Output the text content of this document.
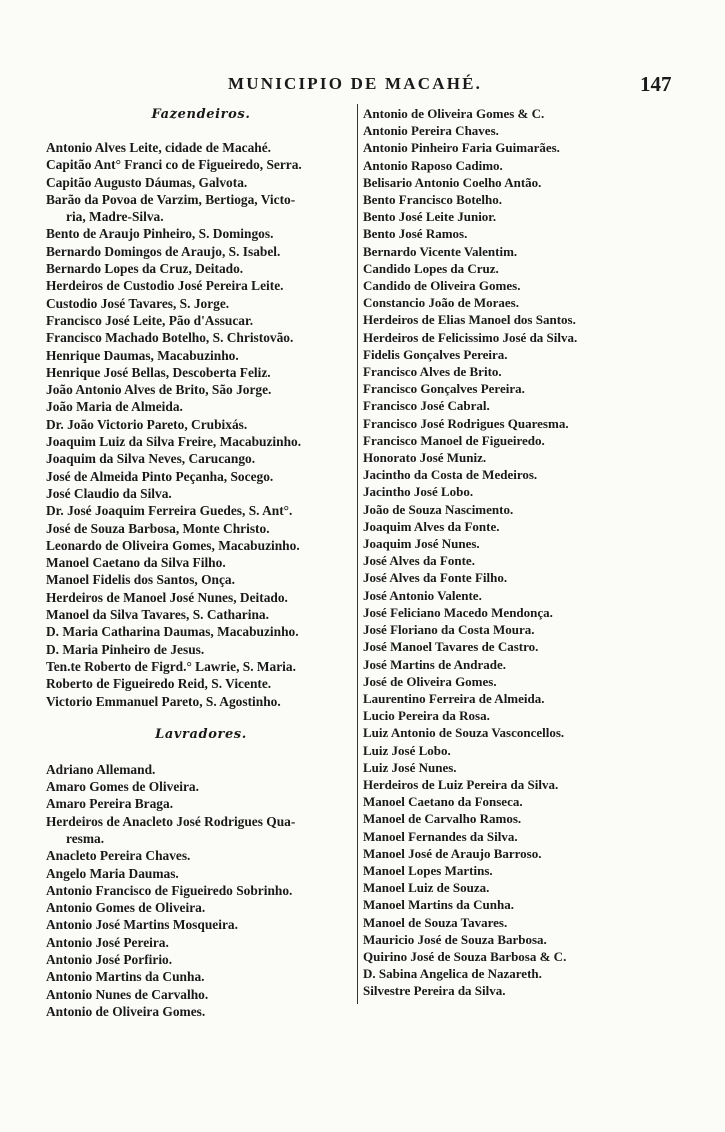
MUNICIPIO DE MACAHÉ.	147
Fazendeiros.
Antonio Alves Leite, cidade de Macahé.
Capitão Ant° Franci co de Figueiredo, Serra.
Capitão Augusto Dáumas, Galvota.
Barão da Povoa de Varzim, Bertioga, Victo-
ria, Madre-Silva.
Bento de Araujo Pinheiro, S. Domingos.
Bernardo Domingos de Araujo, S. Isabel.
Bernardo Lopes da Cruz, Deitado.
Herdeiros de Custodio José Pereira Leite.
Custodio José Tavares, S. Jorge.
Francisco José Leite, Pão d'Assucar.
Francisco Machado Botelho, S. Christovão.
Henrique Daumas, Macabuzinho.
Henrique José Bellas, Descoberta Feliz.
João Antonio Alves de Brito, São Jorge.
João Maria de Almeida.
Dr. João Victorio Pareto, Crubixás.
Joaquim Luiz da Silva Freire, Macabuzinho.
Joaquim da Silva Neves, Carucango.
José de Almeida Pinto Peçanha, Socego.
José Claudio da Silva.
Dr. José Joaquim Ferreira Guedes, S. Ant°.
José de Souza Barbosa, Monte Christo.
Leonardo de Oliveira Gomes, Macabuzinho.
Manoel Caetano da Silva Filho.
Manoel Fidelis dos Santos, Onça.
Herdeiros de Manoel José Nunes, Deitado.
Manoel da Silva Tavares, S. Catharina.
D. Maria Catharina Daumas, Macabuzinho.
D. Maria Pinheiro de Jesus.
Ten.te Roberto de Figrd.° Lawrie, S. Maria.
Roberto de Figueiredo Reid, S. Vicente.
Victorio Emmanuel Pareto, S. Agostinho.
Lavradores.
Adriano Allemand.
Amaro Gomes de Oliveira.
Amaro Pereira Braga.
Herdeiros de Anacleto José Rodrigues Qua-
resma.
Anacleto Pereira Chaves.
Angelo Maria Daumas.
Antonio Francisco de Figueiredo Sobrinho.
Antonio Gomes de Oliveira.
Antonio José Martins Mosqueira.
Antonio José Pereira.
Antonio José Porfirio.
Antonio Martins da Cunha.
Antonio Nunes de Carvalho.
Antonio de Oliveira Gomes.
Antonio de Oliveira Gomes & C.
Antonio Pereira Chaves.
Antonio Pinheiro Faria Guimarães.
Antonio Raposo Cadimo.
Belisario Antonio Coelho Antão.
Bento Francisco Botelho.
Bento José Leite Junior.
Bento José Ramos.
Bernardo Vicente Valentim.
Candido Lopes da Cruz.
Candido de Oliveira Gomes.
Constancio João de Moraes.
Herdeiros de Elias Manoel dos Santos.
Herdeiros de Felicissimo José da Silva.
Fidelis Gonçalves Pereira.
Francisco Alves de Brito.
Francisco Gonçalves Pereira.
Francisco José Cabral.
Francisco José Rodrigues Quaresma.
Francisco Manoel de Figueiredo.
Honorato José Muniz.
Jacintho da Costa de Medeiros.
Jacintho José Lobo.
João de Souza Nascimento.
Joaquim Alves da Fonte.
Joaquim José Nunes.
José Alves da Fonte.
José Alves da Fonte Filho.
José Antonio Valente.
José Feliciano Macedo Mendonça.
José Floriano da Costa Moura.
José Manoel Tavares de Castro.
José Martins de Andrade.
José de Oliveira Gomes.
Laurentino Ferreira de Almeida.
Lucio Pereira da Rosa.
Luiz Antonio de Souza Vasconcellos.
Luiz José Lobo.
Luiz José Nunes.
Herdeiros de Luiz Pereira da Silva.
Manoel Caetano da Fonseca.
Manoel de Carvalho Ramos.
Manoel Fernandes da Silva.
Manoel José de Araujo Barroso.
Manoel Lopes Martins.
Manoel Luiz de Souza.
Manoel Martins da Cunha.
Manoel de Souza Tavares.
Mauricio José de Souza Barbosa.
Quirino José de Souza Barbosa & C.
D. Sabina Angelica de Nazareth.
Silvestre Pereira da Silva.
